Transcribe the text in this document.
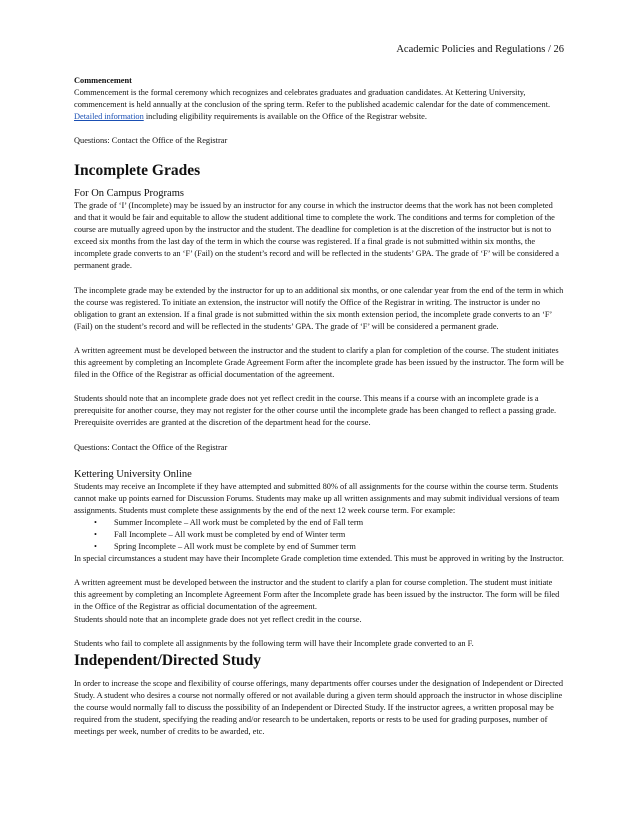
Academic Policies and Regulations / 26

Commencement

Commencement is the formal ceremony which recognizes and celebrates graduates and graduation candidates. At Kettering University, commencement is held annually at the conclusion of the spring term. Refer to the published academic calendar for the date of commencement. Detailed information including eligibility requirements is available on the Office of the Registrar website.

Questions: Contact the Office of the Registrar

Incomplete Grades
For On Campus Programs

The grade of ‘I’ (Incomplete) may be issued by an instructor for any course in which the instructor deems that the work has not been completed and that it would be fair and equitable to allow the student additional time to complete the work. The conditions and terms for completion of the course are mutually agreed upon by the instructor and the student. The deadline for completion is at the discretion of the instructor but is not to exceed six months from the last day of the term in which the course was registered. If a final grade is not submitted within six months, the incomplete grade converts to an ‘F’ (Fail) on the student’s record and will be reflected in the students’ GPA. The grade of ‘F’ will be considered a permanent grade.

The incomplete grade may be extended by the instructor for up to an additional six months, or one calendar year from the end of the term in which the course was registered. To initiate an extension, the instructor will notify the Office of the Registrar in writing. The instructor is under no obligation to grant an extension. If a final grade is not submitted within the six month extension period, the incomplete grade converts to an ‘F’ (Fail) on the student’s record and will be reflected in the students’ GPA. The grade of ‘F’ will be considered a permanent grade.

A written agreement must be developed between the instructor and the student to clarify a plan for completion of the course. The student initiates this agreement by completing an Incomplete Grade Agreement Form after the incomplete grade has been issued by the instructor. The form will be filed in the Office of the Registrar as official documentation of the agreement.

Students should note that an incomplete grade does not yet reflect credit in the course. This means if a course with an incomplete grade is a prerequisite for another course, they may not register for the other course until the incomplete grade has been changed to reflect a passing grade. Prerequisite overrides are granted at the discretion of the department head for the course.

Questions: Contact the Office of the Registrar

Kettering University Online

Students may receive an Incomplete if they have attempted and submitted 80% of all assignments for the course within the course term. Students cannot make up points earned for Discussion Forums. Students may make up all written assignments and may submit individual versions of team assignments. Students must complete these assignments by the end of the next 12 week course term. For example:

• Summer Incomplete – All work must be completed by the end of Fall term
• Fall Incomplete – All work must be completed by end of Winter term
• Spring Incomplete – All work must be complete by end of Summer term

In special circumstances a student may have their Incomplete Grade completion time extended. This must be approved in writing by the Instructor.

A written agreement must be developed between the instructor and the student to clarify a plan for course completion. The student must initiate this agreement by completing an Incomplete Agreement Form after the Incomplete grade has been issued by the instructor. The form will be filed in the Office of the Registrar as official documentation of the agreement.

Students should note that an incomplete grade does not yet reflect credit in the course.

Students who fail to complete all assignments by the following term will have their Incomplete grade converted to an F.

Independent/Directed Study

In order to increase the scope and flexibility of course offerings, many departments offer courses under the designation of Independent or Directed Study. A student who desires a course not normally offered or not available during a given term should approach the instructor in whose discipline the course would normally fall to discuss the possibility of an Independent or Directed Study. If the instructor agrees, a written proposal may be required from the student, specifying the reading and/or research to be undertaken, reports or rests to be used for grading purposes, number of meetings per week, number of credits to be awarded, etc.
